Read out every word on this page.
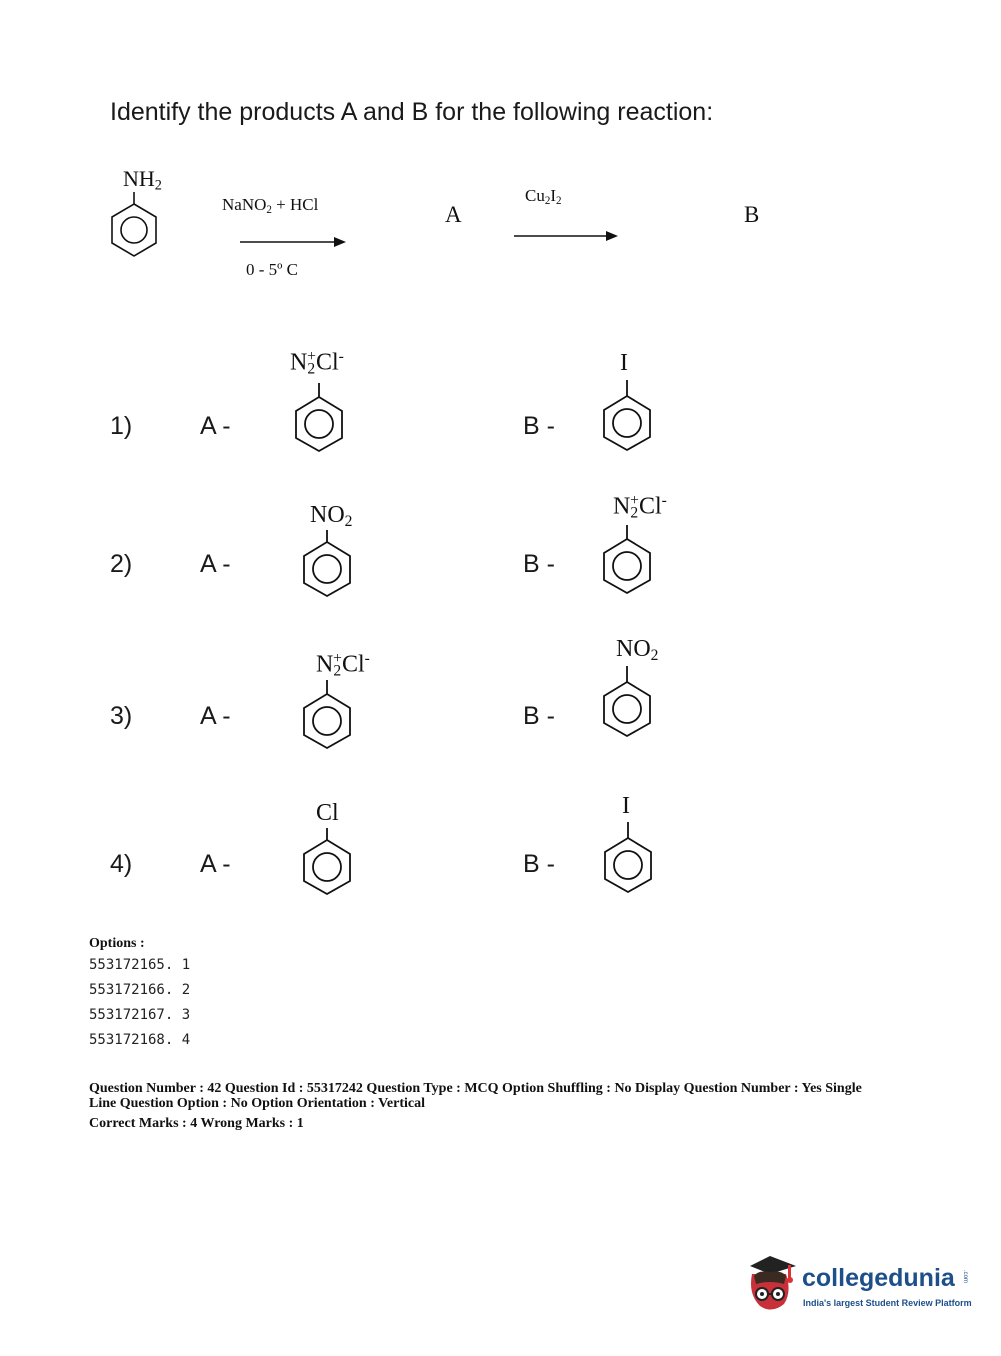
Identify the products A and B for the following reaction:
$NH_2$
NaNO$_2$ + HCl
0 - 5º C
A
$Cu_2I_2$
B
1)	A -
$N_2^+Cl^-$
B -
I
2)	A -
$NO_2$
B -
$N_2^+Cl^-$
3)	A -
$N_2^+Cl^-$
B -
$NO_2$
4)	A -
Cl
B -
I
Options :
553172165. 1
553172166. 2
553172167. 3
553172168. 4
Question Number : 42 Question Id : 55317242 Question Type : MCQ Option Shuffling : No Display Question Number : Yes Single
Line Question Option : No Option Orientation : Vertical
Correct Marks : 4 Wrong Marks : 1
collegedunia .com
India's largest Student Review Platform
